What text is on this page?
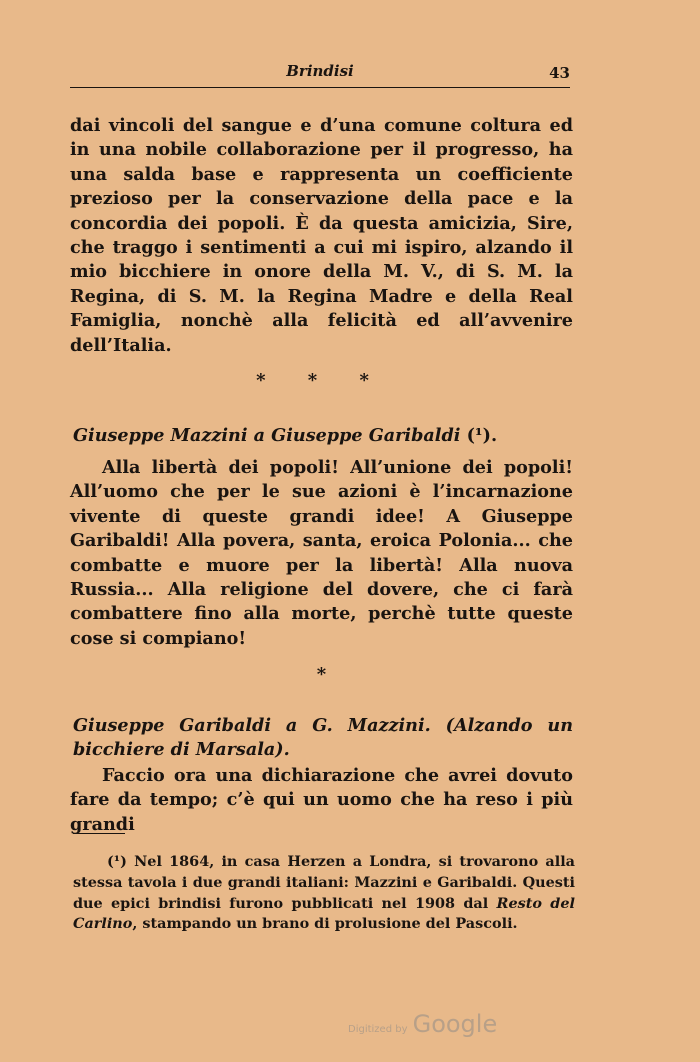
Brindisi	43
dai vincoli del sangue e d’una comune coltura ed in una nobile collaborazione per il progresso, ha una salda base e rappresenta un coefficiente prezioso per la conservazione della pace e la concordia dei popoli. È da questa amicizia, Sire, che traggo i sentimenti a cui mi ispiro, alzando il mio bicchiere in onore della M. V., di S. M. la Regina, di S. M. la Regina Madre e della Real Famiglia, nonchè alla felicità ed all’avvenire dell’Italia.
* * *
Giuseppe Mazzini a Giuseppe Garibaldi (¹).
Alla libertà dei popoli! All’unione dei popoli! All’uomo che per le sue azioni è l’incarnazione vivente di queste grandi idee! A Giuseppe Garibaldi! Alla povera, santa, eroica Polonia... che combatte e muore per la libertà! Alla nuova Russia... Alla religione del dovere, che ci farà combattere fino alla morte, perchè tutte queste cose si compiano!
*
Giuseppe Garibaldi a G. Mazzini. (Alzando un bicchiere di Marsala).
Faccio ora una dichiarazione che avrei dovuto fare da tempo; c’è qui un uomo che ha reso i più grandi
(¹) Nel 1864, in casa Herzen a Londra, si trovarono alla stessa tavola i due grandi italiani: Mazzini e Garibaldi. Questi due epici brindisi furono pubblicati nel 1908 dal Resto del Carlino, stampando un brano di prolusione del Pascoli.
Digitized by Google
